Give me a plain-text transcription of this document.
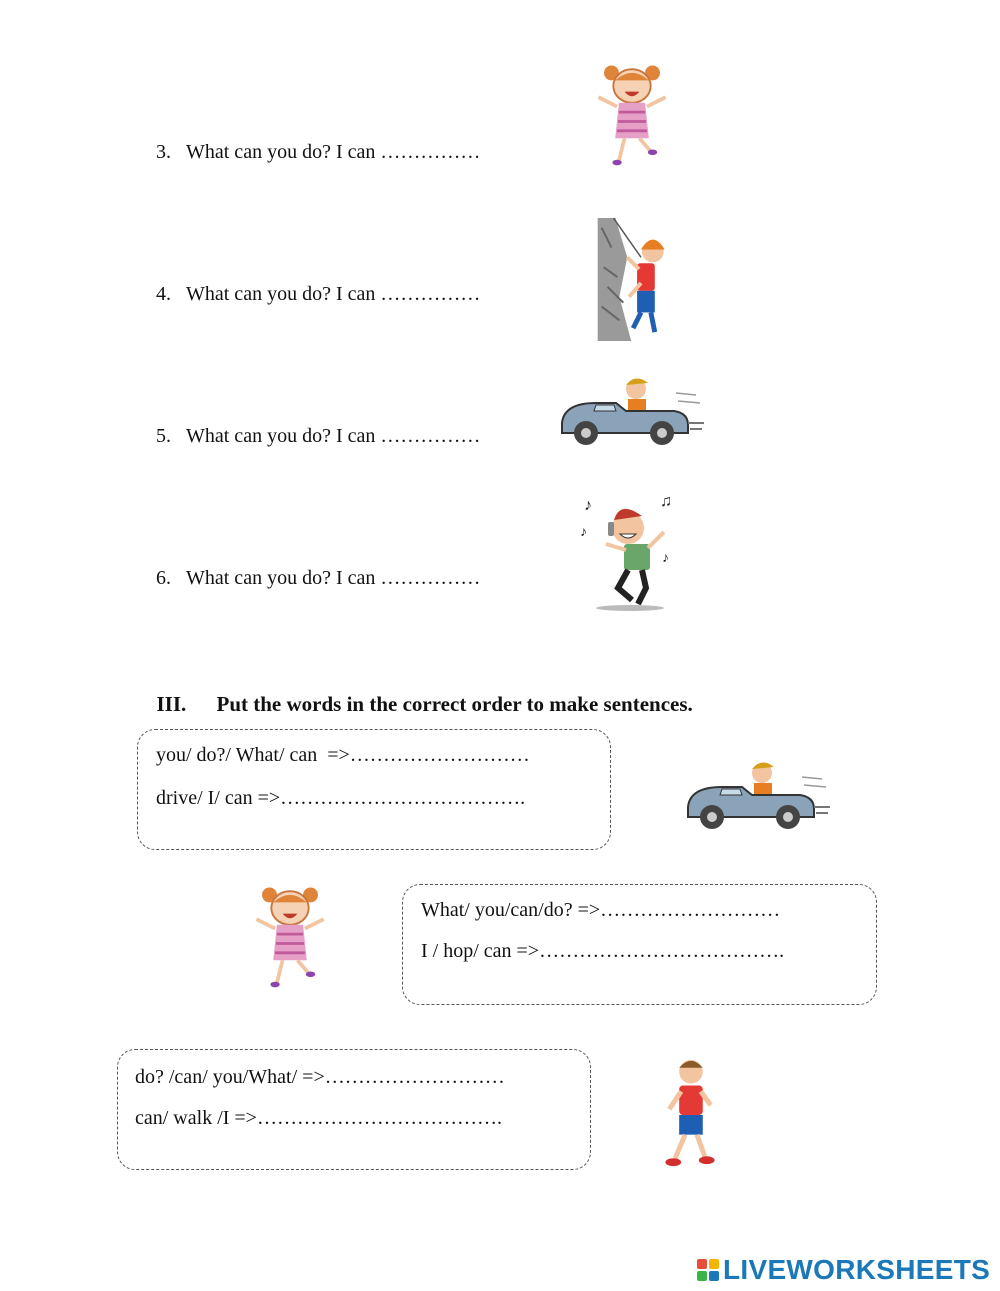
3. What can you do? I can ……………

4. What can you do? I can ……………

5. What can you do? I can ……………

6. What can you do? I can ……………

III. Put the words in the correct order to make sentences.

you/ do?/ What/ can  =>………………………
drive/ I/ can =>……………………………….
What/ you/can/do? =>………………………
I / hop/ can =>……………………………….
do? /can/ you/What/ =>………………………
can/ walk /I =>……………………………….
LIVEWORKSHEETS
